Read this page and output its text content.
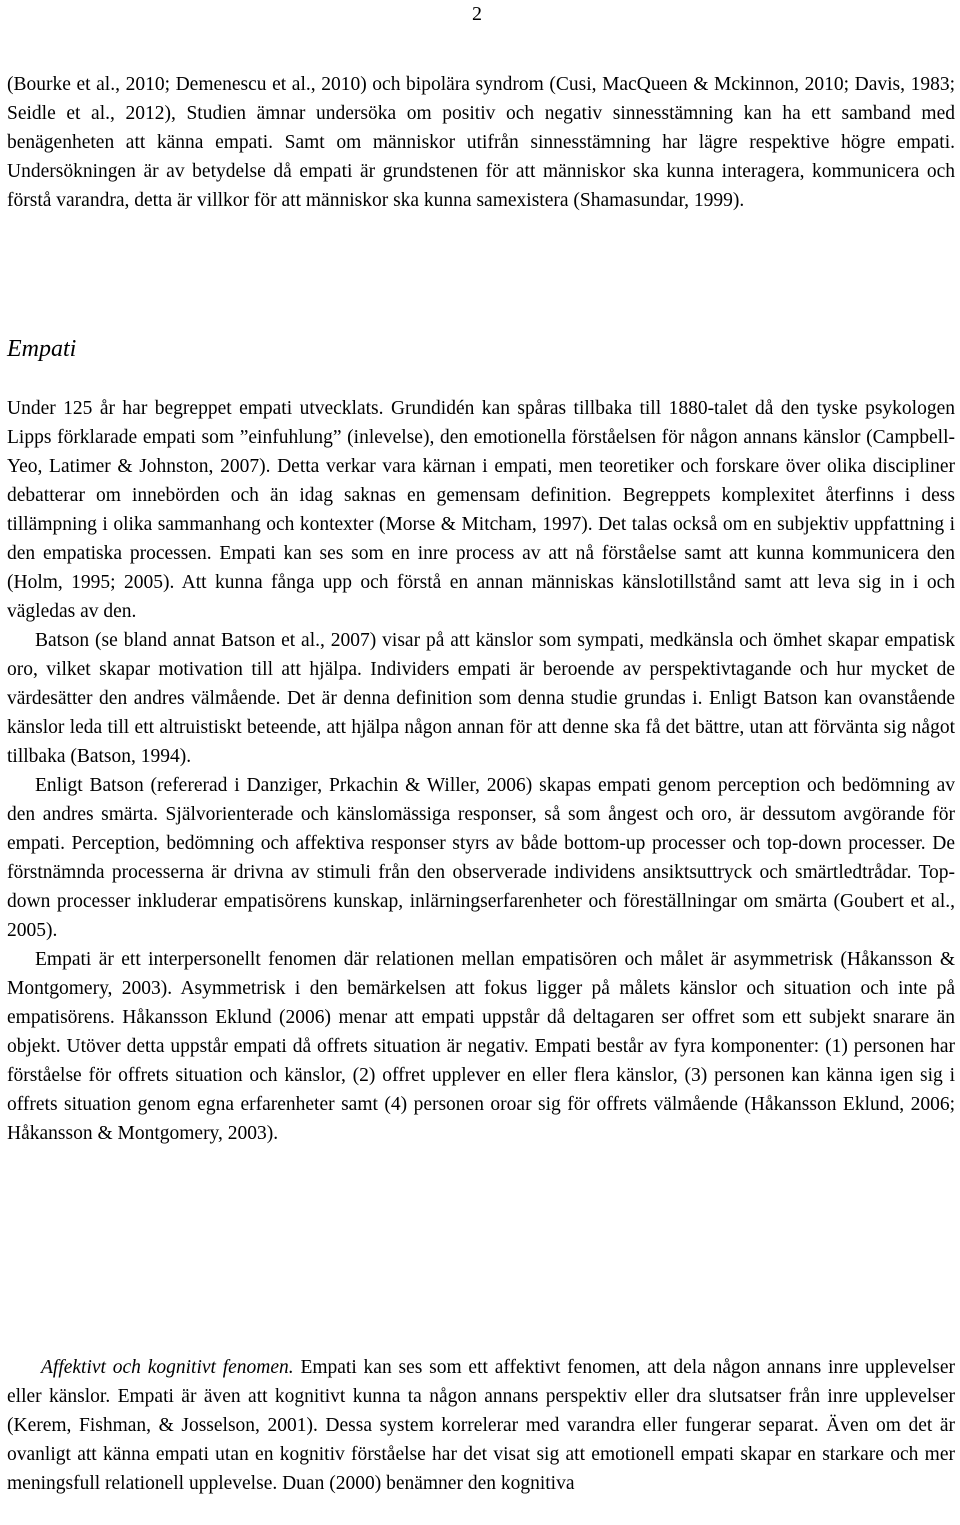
2

(Bourke et al., 2010; Demenescu et al., 2010) och bipolära syndrom (Cusi, MacQueen & Mckinnon, 2010; Davis, 1983; Seidle et al., 2012), Studien ämnar undersöka om positiv och negativ sinnesstämning kan ha ett samband med benägenheten att känna empati. Samt om människor utifrån sinnesstämning har lägre respektive högre empati. Undersökningen är av betydelse då empati är grundstenen för att människor ska kunna interagera, kommunicera och förstå varandra, detta är villkor för att människor ska kunna samexistera (Shamasundar, 1999).

Empati

Under 125 år har begreppet empati utvecklats. Grundidén kan spåras tillbaka till 1880-talet då den tyske psykologen Lipps förklarade empati som ”einfuhlung” (inlevelse), den emotionella förståelsen för någon annans känslor (Campbell-Yeo, Latimer & Johnston, 2007). Detta verkar vara kärnan i empati, men teoretiker och forskare över olika discipliner debatterar om innebörden och än idag saknas en gemensam definition. Begreppets komplexitet återfinns i dess tillämpning i olika sammanhang och kontexter (Morse & Mitcham, 1997). Det talas också om en subjektiv uppfattning i den empatiska processen. Empati kan ses som en inre process av att nå förståelse samt att kunna kommunicera den (Holm, 1995; 2005). Att kunna fånga upp och förstå en annan människas känslotillstånd samt att leva sig in i och vägledas av den.

Batson (se bland annat Batson et al., 2007) visar på att känslor som sympati, medkänsla och ömhet skapar empatisk oro, vilket skapar motivation till att hjälpa. Individers empati är beroende av perspektivtagande och hur mycket de värdesätter den andres välmående. Det är denna definition som denna studie grundas i. Enligt Batson kan ovanstående känslor leda till ett altruistiskt beteende, att hjälpa någon annan för att denne ska få det bättre, utan att förvänta sig något tillbaka (Batson, 1994).

Enligt Batson (refererad i Danziger, Prkachin & Willer, 2006) skapas empati genom perception och bedömning av den andres smärta. Självorienterade och känslomässiga responser, så som ångest och oro, är dessutom avgörande för empati. Perception, bedömning och affektiva responser styrs av både bottom-up processer och top-down processer. De förstnämnda processerna är drivna av stimuli från den observerade individens ansiktsuttryck och smärtledtrådar. Top-down processer inkluderar empatisörens kunskap, inlärningserfarenheter och föreställningar om smärta (Goubert et al., 2005).

Empati är ett interpersonellt fenomen där relationen mellan empatisören och målet är asymmetrisk (Håkansson & Montgomery, 2003). Asymmetrisk i den bemärkelsen att fokus ligger på målets känslor och situation och inte på empatisörens. Håkansson Eklund (2006) menar att empati uppstår då deltagaren ser offret som ett subjekt snarare än objekt. Utöver detta uppstår empati då offrets situation är negativ. Empati består av fyra komponenter: (1) personen har förståelse för offrets situation och känslor, (2) offret upplever en eller flera känslor, (3) personen kan känna igen sig i offrets situation genom egna erfarenheter samt (4) personen oroar sig för offrets välmående (Håkansson Eklund, 2006; Håkansson & Montgomery, 2003).

Affektivt och kognitivt fenomen. Empati kan ses som ett affektivt fenomen, att dela någon annans inre upplevelser eller känslor. Empati är även att kognitivt kunna ta någon annans perspektiv eller dra slutsatser från inre upplevelser (Kerem, Fishman, & Josselson, 2001). Dessa system korrelerar med varandra eller fungerar separat. Även om det är ovanligt att känna empati utan en kognitiv förståelse har det visat sig att emotionell empati skapar en starkare och mer meningsfull relationell upplevelse. Duan (2000) benämner den kognitiva
